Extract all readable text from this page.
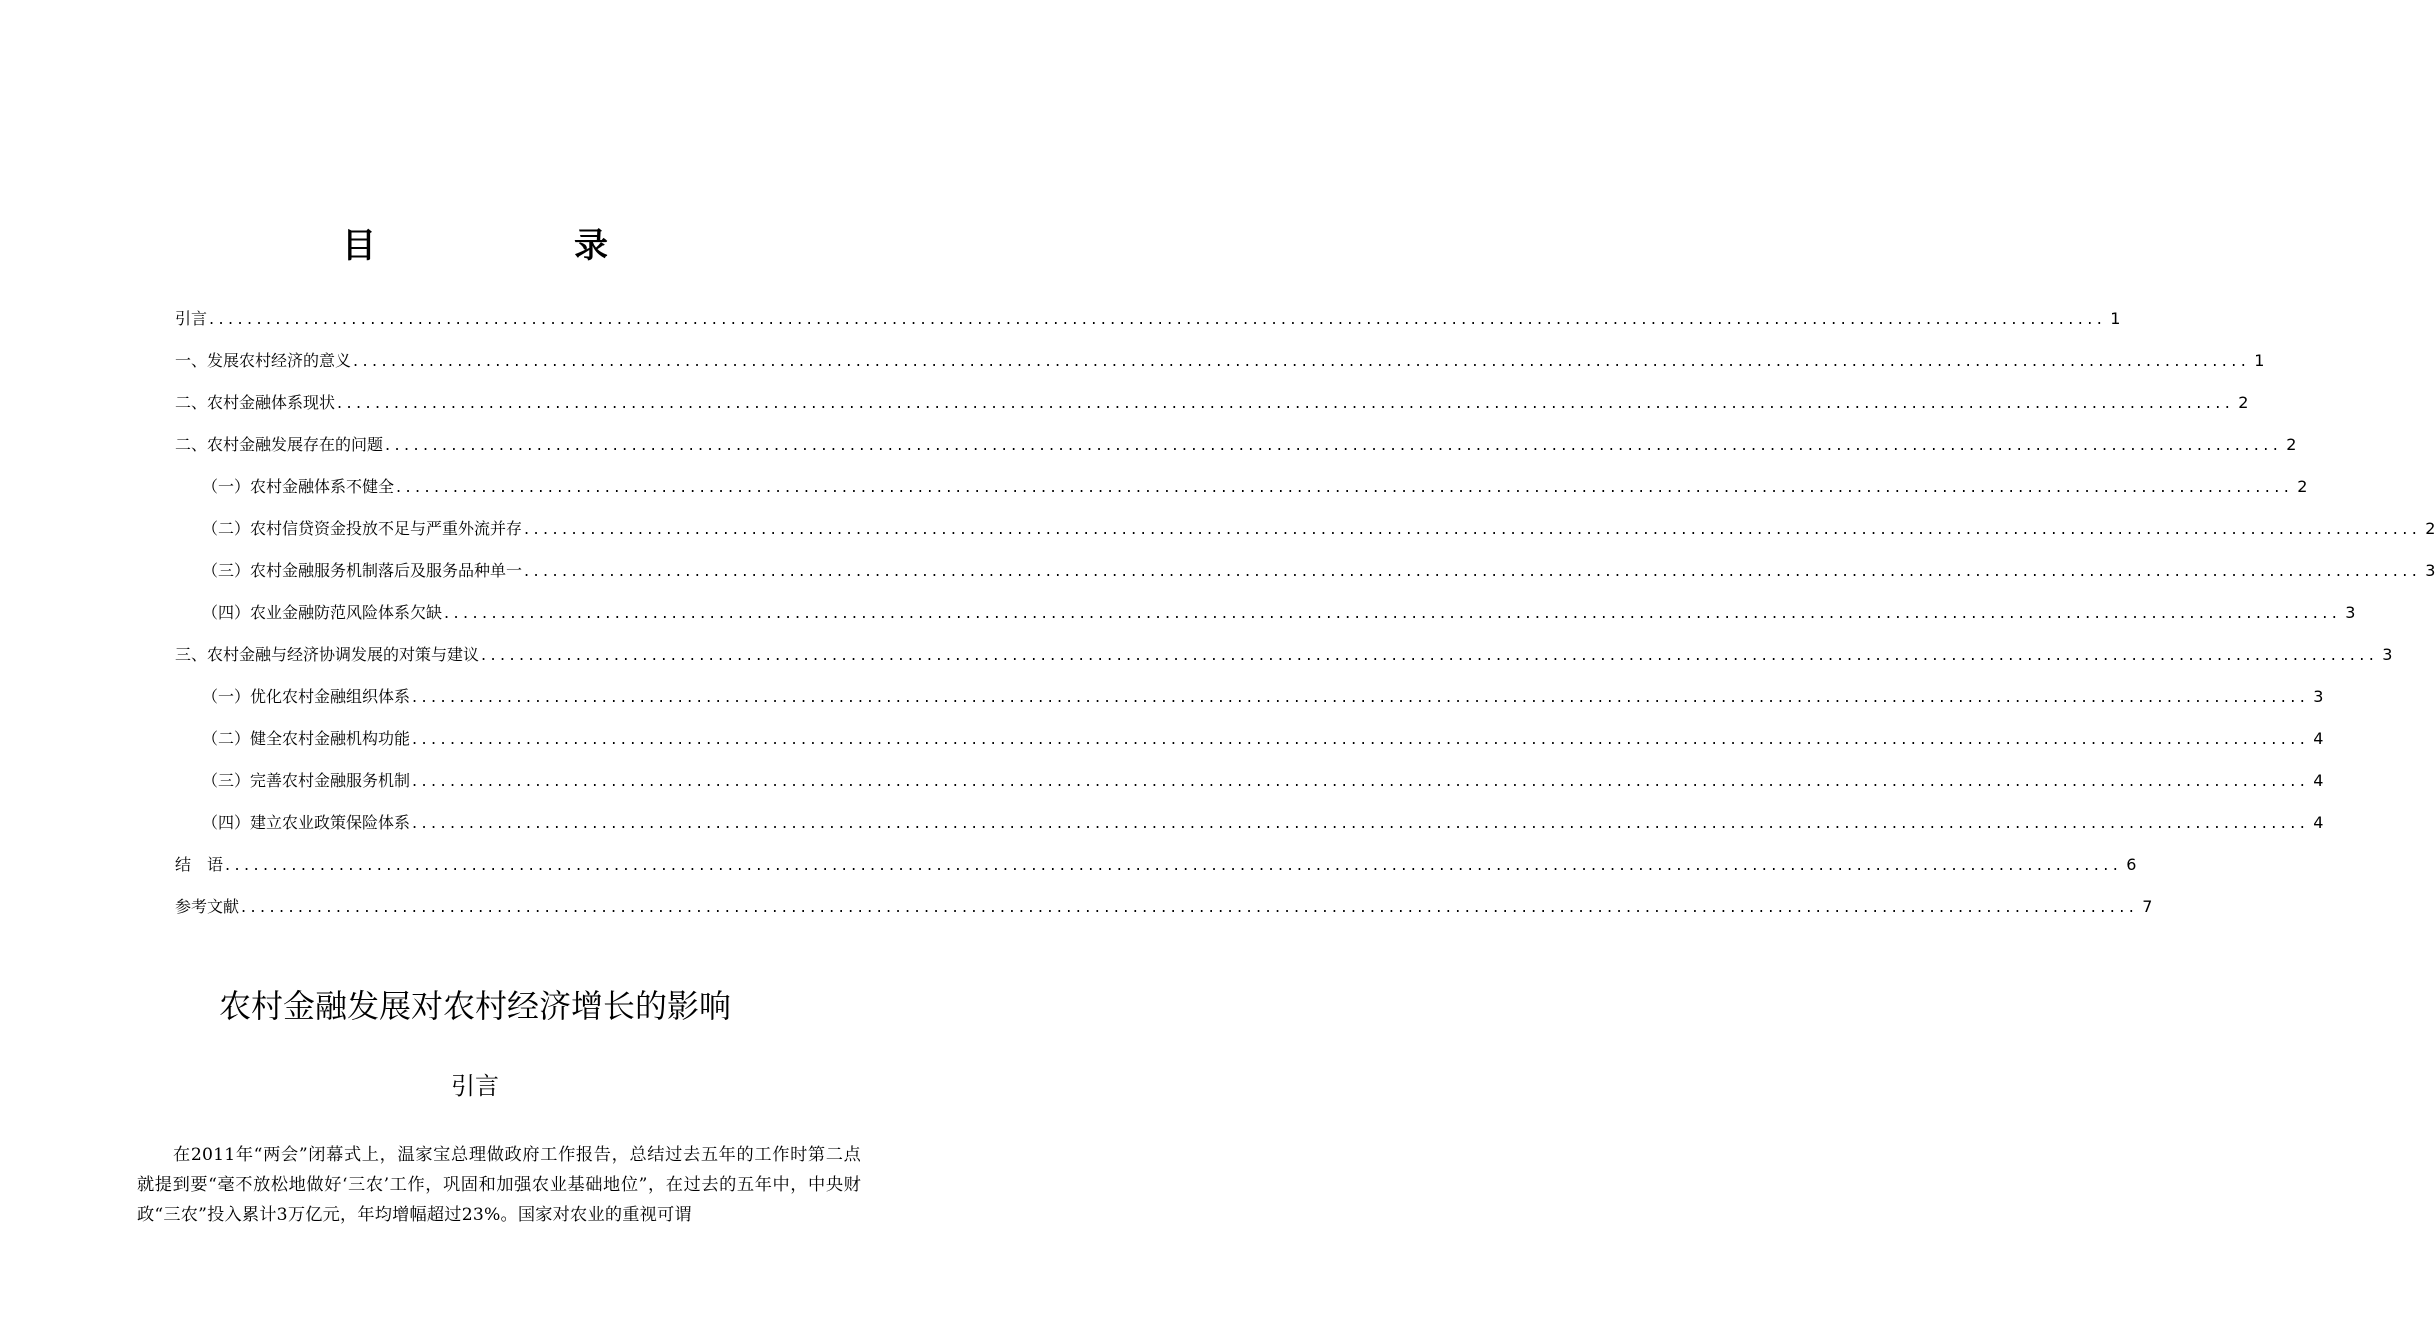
目　录
引言 ........................................................................................................................................................................................................ 1
一、发展农村经济的意义 ........................................................................................................................................................................................................ 1
二、农村金融体系现状 ........................................................................................................................................................................................................ 2
二、农村金融发展存在的问题 ........................................................................................................................................................................................................ 2
（一）农村金融体系不健全 ........................................................................................................................................................................................................ 2
（二）农村信贷资金投放不足与严重外流并存 ........................................................................................................................................................................................................ 2
（三）农村金融服务机制落后及服务品种单一 ........................................................................................................................................................................................................ 3
（四）农业金融防范风险体系欠缺 ........................................................................................................................................................................................................ 3
三、农村金融与经济协调发展的对策与建议 ........................................................................................................................................................................................................ 3
（一）优化农村金融组织体系 ........................................................................................................................................................................................................ 3
（二）健全农村金融机构功能 ........................................................................................................................................................................................................ 4
（三）完善农村金融服务机制 ........................................................................................................................................................................................................ 4
（四）建立农业政策保险体系 ........................................................................................................................................................................................................ 4
结　语 ........................................................................................................................................................................................................ 6
参考文献 ........................................................................................................................................................................................................ 7
农村金融发展对农村经济增长的影响
引言

在2011年“两会”闭幕式上，温家宝总理做政府工作报告，总结过去五年的工作时第二点就提到要“毫不放松地做好‘三农’工作，巩固和加强农业基础地位”，在过去的五年中，中央财政“三农”投入累计3万亿元，年均增幅超过23%。国家对农业的重视可谓
